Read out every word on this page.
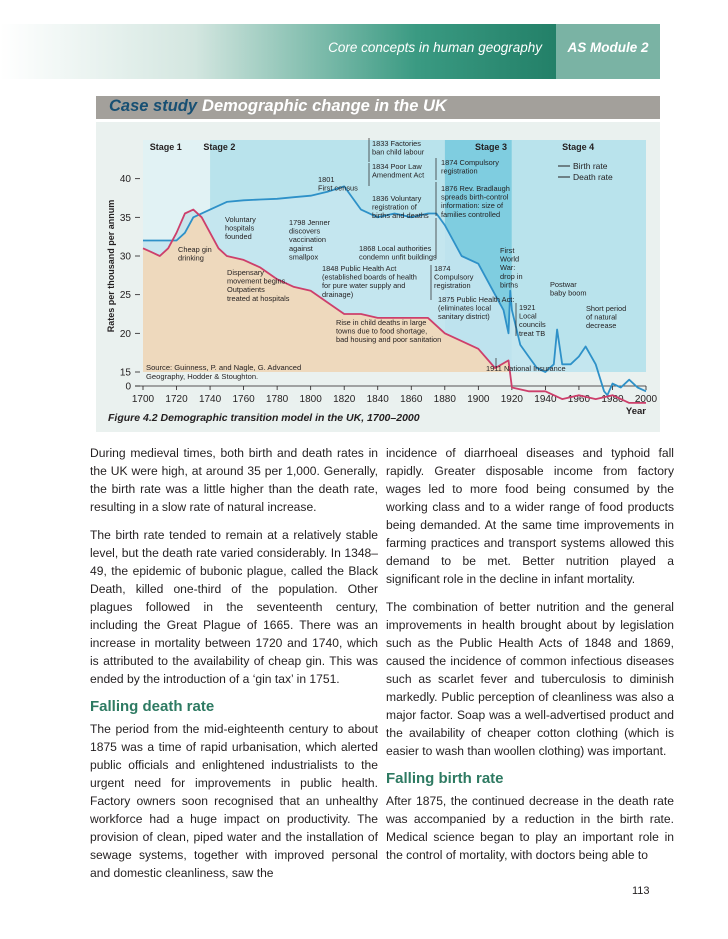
Core concepts in human geography	AS Module 2
Case study Demographic change in the UK
Stage 1 Stage 2	Stage 3	Stage 4
1700 1720 1740 1760 1780 1800 1820 1840 1860 1880 1900 1920 1940 1960 1980 2000
0
15
20
25
30
35
40
Year
Rates per thousand per annum
Birth rate
Death rate
1833 Factories
ban child labour
1834 Poor Law
Amendment Act
1801
First census
1836 Voluntary
registration of
births and deaths
1874 Compulsory
registration
1876 Rev. Bradlaugh
spreads birth-control
information: size of
families controlled
Voluntary
hospitals
founded
1798 Jenner
discovers
vaccination
against
smallpox
Cheap gin
drinking
1868 Local authorities
condemn unfit buildings
First
World
War:
drop in
births
1848 Public Health Act
(established boards of health
for pure water supply and
drainage)
1874
Compulsory
registration
Dispensary
movement begins.
Outpatients
treated at hospitals
Postwar
baby boom
1875 Public Health Act:
(eliminates local
sanitary district)
1921
Local
councils
treat TB
Short period
of natural
decrease
Rise in child deaths in large
towns due to food shortage,
bad housing and poor sanitation
1911 National Insurance
Source: Guinness, P. and Nagle, G. Advanced
Geography, Hodder & Stoughton.
Figure 4.2 Demographic transition model in the UK, 1700–2000

During medieval times, both birth and death rates in the UK were high, at around 35 per 1,000. Generally, the birth rate was a little higher than the death rate, resulting in a slow rate of natural increase.

The birth rate tended to remain at a relatively stable level, but the death rate varied considerably. In 1348–49, the epidemic of bubonic plague, called the Black Death, killed one-third of the population. Other plagues followed in the seventeenth century, including the Great Plague of 1665. There was an increase in mortality between 1720 and 1740, which is attributed to the availability of cheap gin. This was ended by the introduction of a ‘gin tax’ in 1751.

Falling death rate

The period from the mid-eighteenth century to about 1875 was a time of rapid urbanisation, which alerted public officials and enlightened industrialists to the urgent need for improvements in public health. Factory owners soon recognised that an unhealthy workforce had a huge impact on productivity. The provision of clean, piped water and the installation of sewage systems, together with improved personal and domestic cleanliness, saw the

incidence of diarrhoeal diseases and typhoid fall rapidly. Greater disposable income from factory wages led to more food being consumed by the working class and to a wider range of food products being demanded. At the same time improvements in farming practices and transport systems allowed this demand to be met. Better nutrition played a significant role in the decline in infant mortality.

The combination of better nutrition and the general improvements in health brought about by legislation such as the Public Health Acts of 1848 and 1869, caused the incidence of common infectious diseases such as scarlet fever and tuberculosis to diminish markedly. Public perception of cleanliness was also a major factor. Soap was a well-advertised product and the availability of cheaper cotton clothing (which is easier to wash than woollen clothing) was important.

Falling birth rate

After 1875, the continued decrease in the death rate was accompanied by a reduction in the birth rate. Medical science began to play an important role in the control of mortality, with doctors being able to

113
